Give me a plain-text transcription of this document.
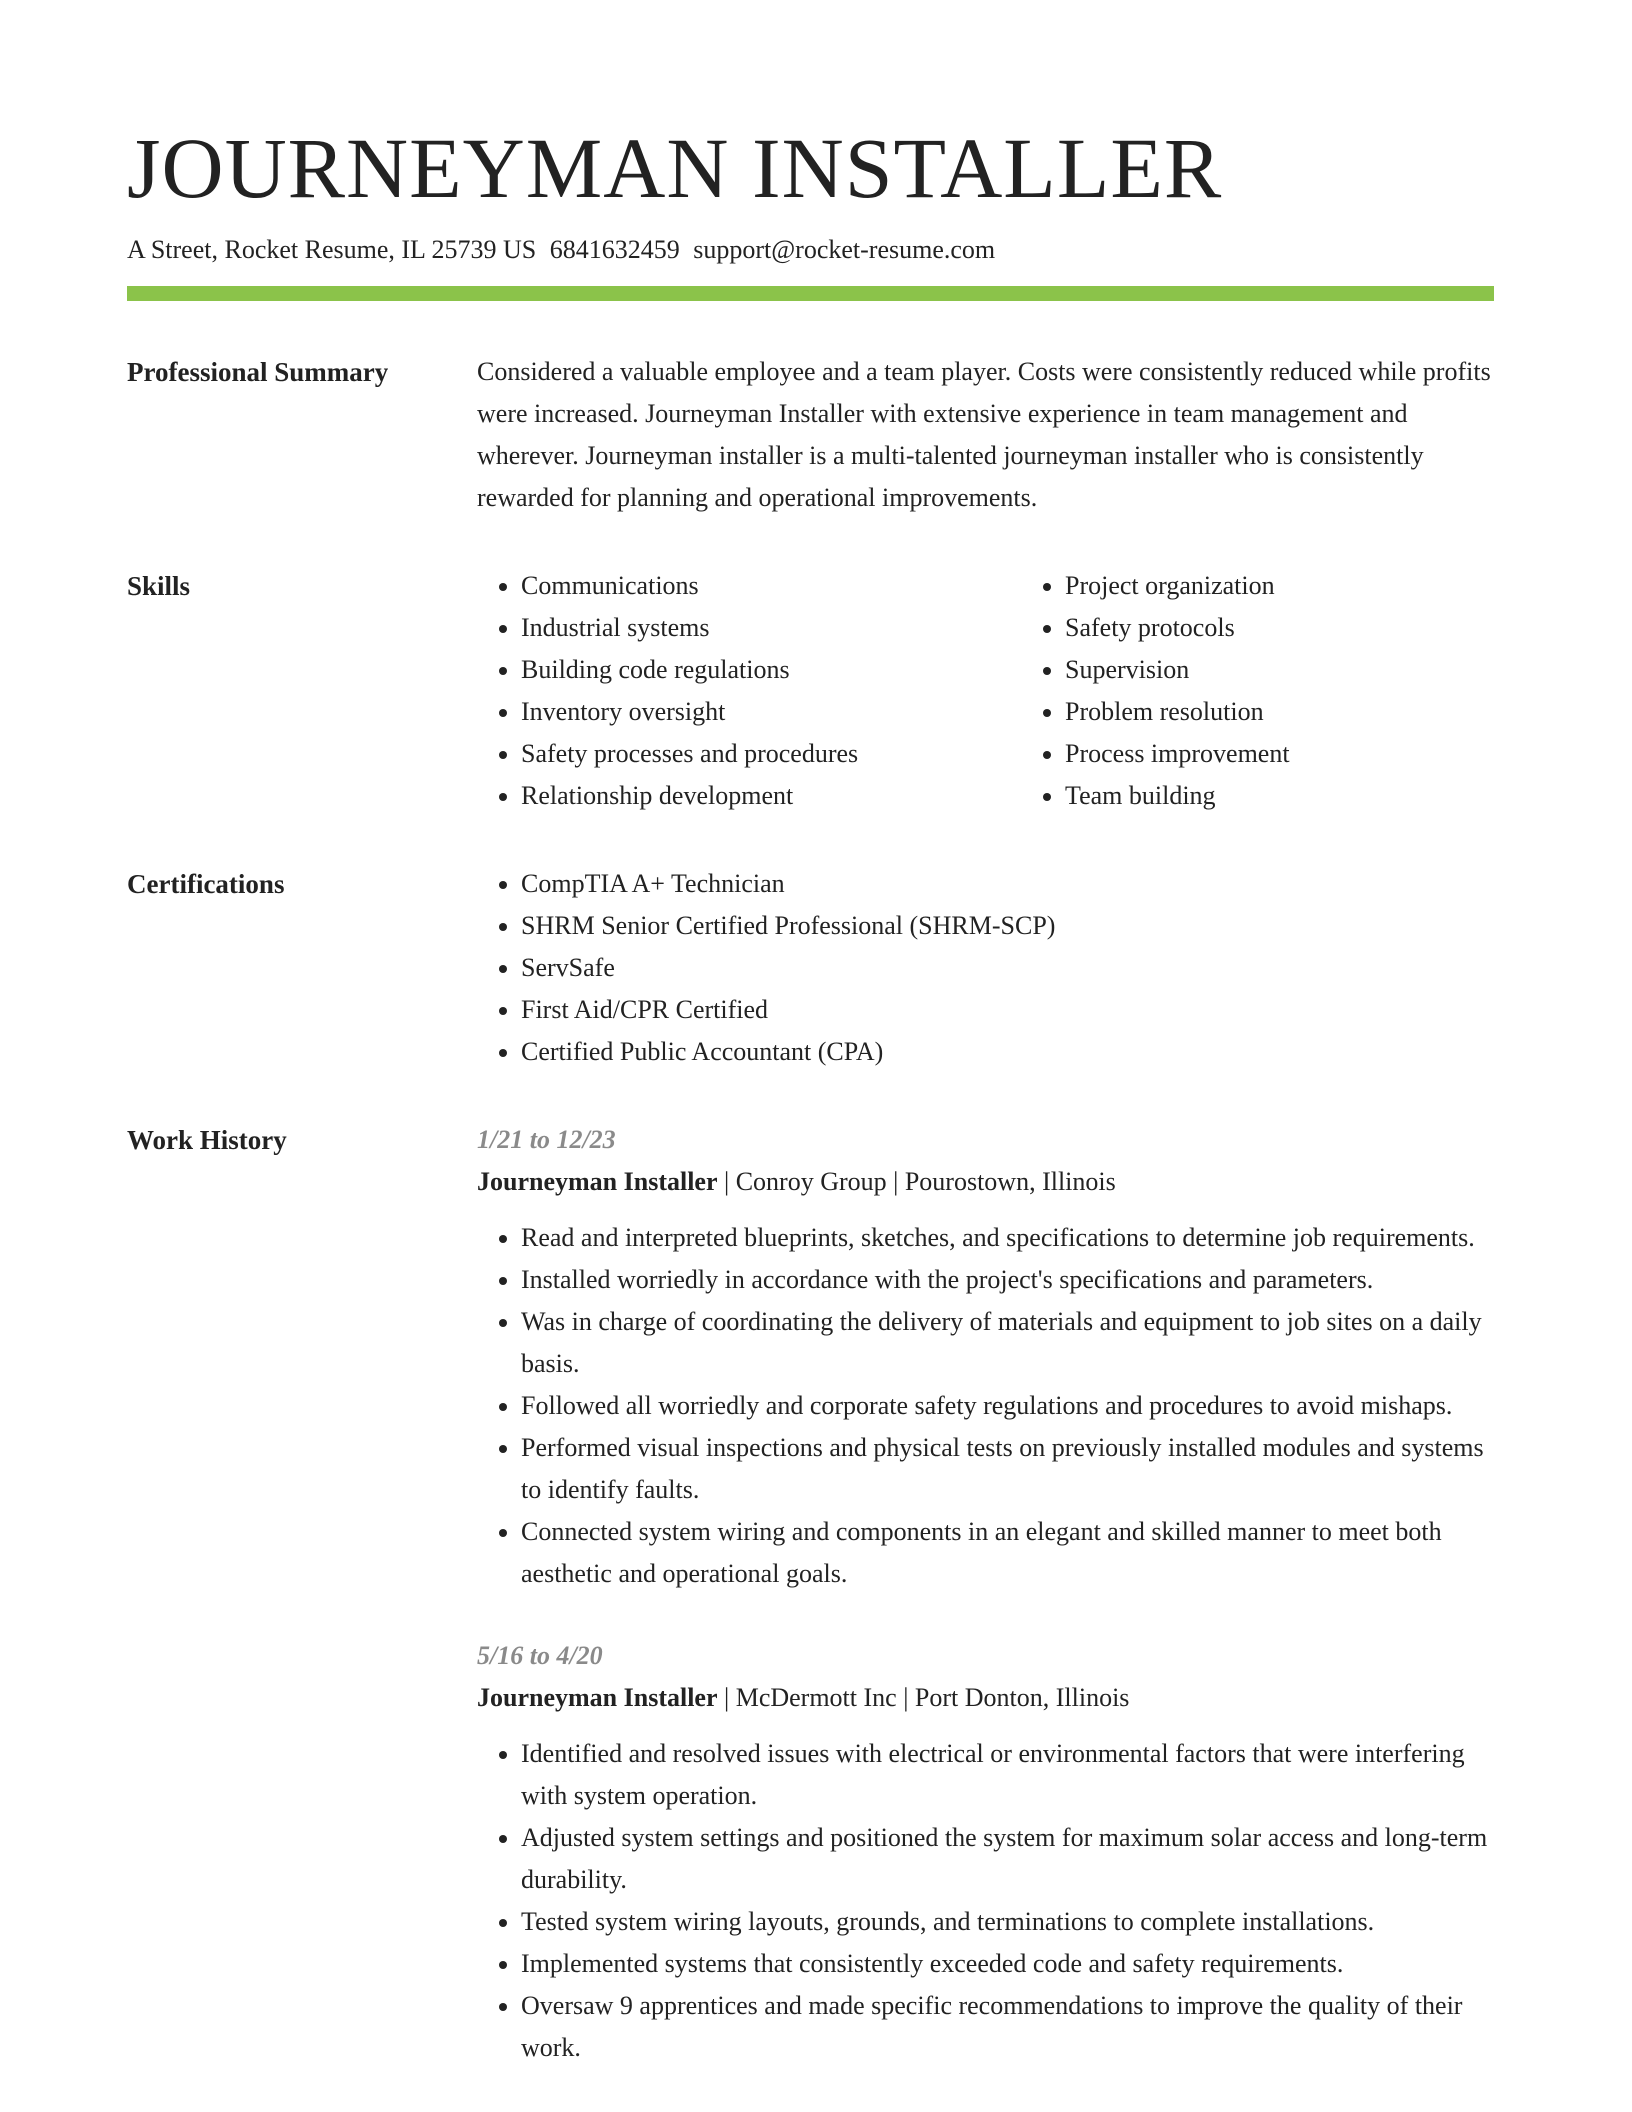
JOURNEYMAN INSTALLER
A Street, Rocket Resume, IL 25739 US 6841632459 support@rocket-resume.com
Professional Summary	Considered a valuable employee and a team player. Costs were consistently reduced while profits were increased. Journeyman Installer with extensive experience in team management and wherever. Journeyman installer is a multi-talented journeyman installer who is consistently rewarded for planning and operational improvements.

Skills	• Communications
• Industrial systems
• Building code regulations
• Inventory oversight
• Safety processes and procedures
• Relationship development
• Project organization
• Safety protocols
• Supervision
• Problem resolution
• Process improvement
• Team building
Certifications	• CompTIA A+ Technician
• SHRM Senior Certified Professional (SHRM-SCP)
• ServSafe
• First Aid/CPR Certified
• Certified Public Accountant (CPA)
Work History	1/21 to 12/23
Journeyman Installer | Conroy Group | Pourostown, Illinois
• Read and interpreted blueprints, sketches, and specifications to determine job requirements.
• Installed worriedly in accordance with the project's specifications and parameters.
• Was in charge of coordinating the delivery of materials and equipment to job sites on a daily basis.
• Followed all worriedly and corporate safety regulations and procedures to avoid mishaps.
• Performed visual inspections and physical tests on previously installed modules and systems to identify faults.
• Connected system wiring and components in an elegant and skilled manner to meet both aesthetic and operational goals.
5/16 to 4/20
Journeyman Installer | McDermott Inc | Port Donton, Illinois
• Identified and resolved issues with electrical or environmental factors that were interfering with system operation.
• Adjusted system settings and positioned the system for maximum solar access and long-term durability.
• Tested system wiring layouts, grounds, and terminations to complete installations.
• Implemented systems that consistently exceeded code and safety requirements.
• Oversaw 9 apprentices and made specific recommendations to improve the quality of their work.
